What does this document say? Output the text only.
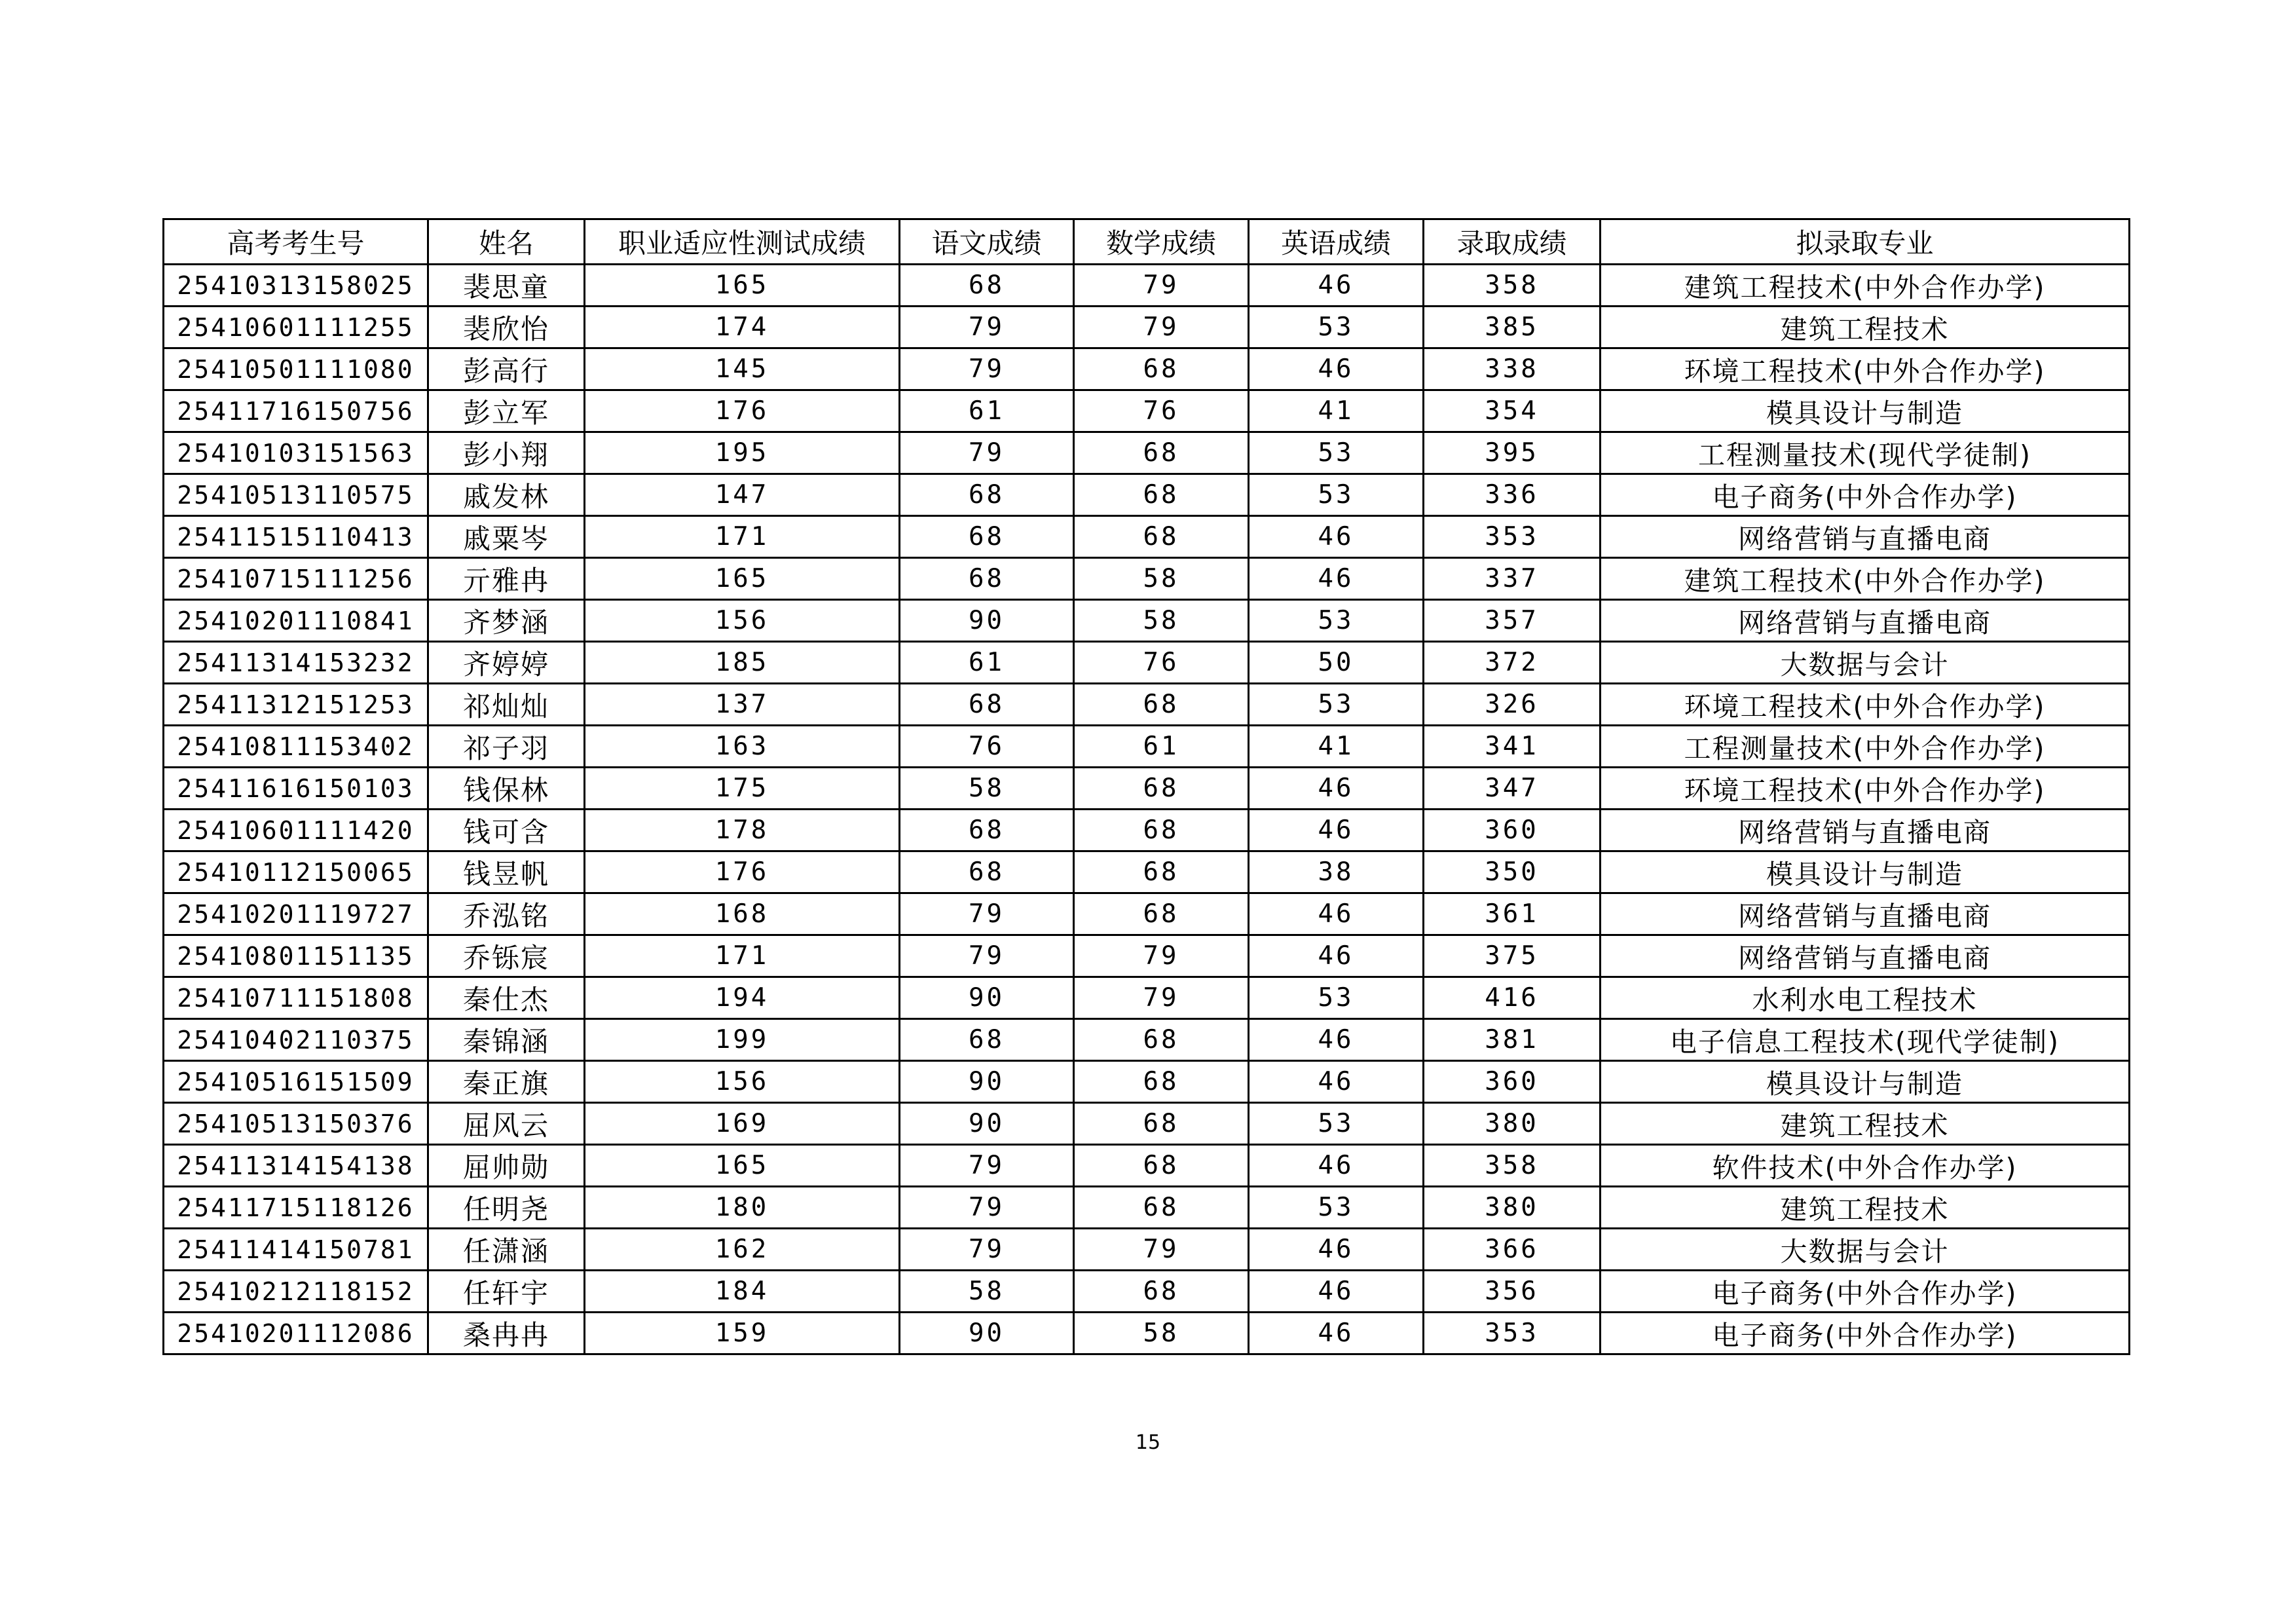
高考考生号	姓名	职业适应性测试成绩	语文成绩	数学成绩	英语成绩	录取成绩	拟录取专业
25410313158025	裴思童	165	68	79	46	358	建筑工程技术(中外合作办学)
25410601111255	裴欣怡	174	79	79	53	385	建筑工程技术
25410501111080	彭高行	145	79	68	46	338	环境工程技术(中外合作办学)
25411716150756	彭立军	176	61	76	41	354	模具设计与制造
25410103151563	彭小翔	195	79	68	53	395	工程测量技术(现代学徒制)
25410513110575	戚发林	147	68	68	53	336	电子商务(中外合作办学)
25411515110413	戚粟岑	171	68	68	46	353	网络营销与直播电商
25410715111256	亓雅冉	165	68	58	46	337	建筑工程技术(中外合作办学)
25410201110841	齐梦涵	156	90	58	53	357	网络营销与直播电商
25411314153232	齐婷婷	185	61	76	50	372	大数据与会计
25411312151253	祁灿灿	137	68	68	53	326	环境工程技术(中外合作办学)
25410811153402	祁子羽	163	76	61	41	341	工程测量技术(中外合作办学)
25411616150103	钱保林	175	58	68	46	347	环境工程技术(中外合作办学)
25410601111420	钱可含	178	68	68	46	360	网络营销与直播电商
25410112150065	钱昱帆	176	68	68	38	350	模具设计与制造
25410201119727	乔泓铭	168	79	68	46	361	网络营销与直播电商
25410801151135	乔铄宸	171	79	79	46	375	网络营销与直播电商
25410711151808	秦仕杰	194	90	79	53	416	水利水电工程技术
25410402110375	秦锦涵	199	68	68	46	381	电子信息工程技术(现代学徒制)
25410516151509	秦正旗	156	90	68	46	360	模具设计与制造
25410513150376	屈风云	169	90	68	53	380	建筑工程技术
25411314154138	屈帅勋	165	79	68	46	358	软件技术(中外合作办学)
25411715118126	任明尧	180	79	68	53	380	建筑工程技术
25411414150781	任潇涵	162	79	79	46	366	大数据与会计
25410212118152	任轩宇	184	58	68	46	356	电子商务(中外合作办学)
25410201112086	桑冉冉	159	90	58	46	353	电子商务(中外合作办学)
15
